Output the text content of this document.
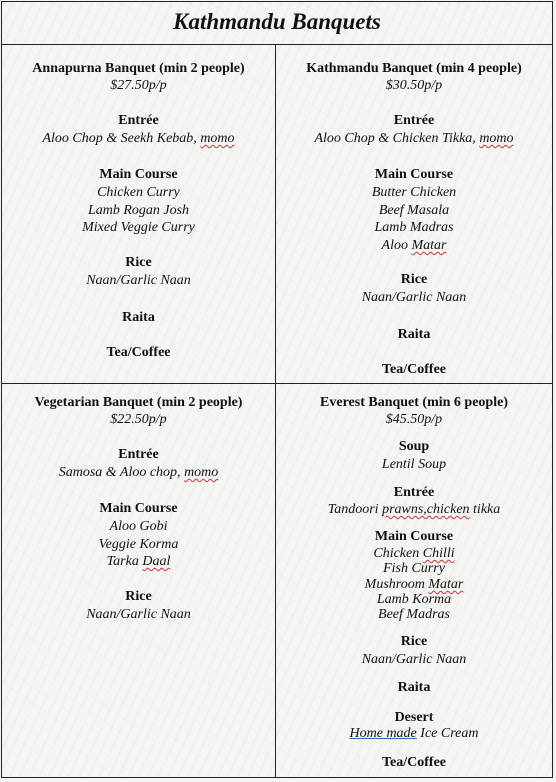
Kathmandu Banquets
Annapurna Banquet (min 2 people)
$27.50p/p
Entrée
Aloo Chop & Seekh Kebab, momo
Main Course
Chicken Curry
Lamb Rogan Josh
Mixed Veggie Curry
Rice
Naan/Garlic Naan
Raita
Tea/Coffee
Kathmandu Banquet (min 4 people)
$30.50p/p
Entrée
Aloo Chop & Chicken Tikka, momo
Main Course
Butter Chicken
Beef Masala
Lamb Madras
Aloo Matar
Rice
Naan/Garlic Naan
Raita
Tea/Coffee
Vegetarian Banquet (min 2 people)
$22.50p/p
Entrée
Samosa & Aloo chop, momo
Main Course
Aloo Gobi
Veggie Korma
Tarka Daal
Rice
Naan/Garlic Naan
Everest Banquet (min 6 people)
$45.50p/p
Soup
Lentil Soup
Entrée
Tandoori prawns,chicken tikka
Main Course
Chicken Chilli
Fish Curry
Mushroom Matar
Lamb Korma
Beef Madras
Rice
Naan/Garlic Naan
Raita
Desert
Home made Ice Cream
Tea/Coffee
